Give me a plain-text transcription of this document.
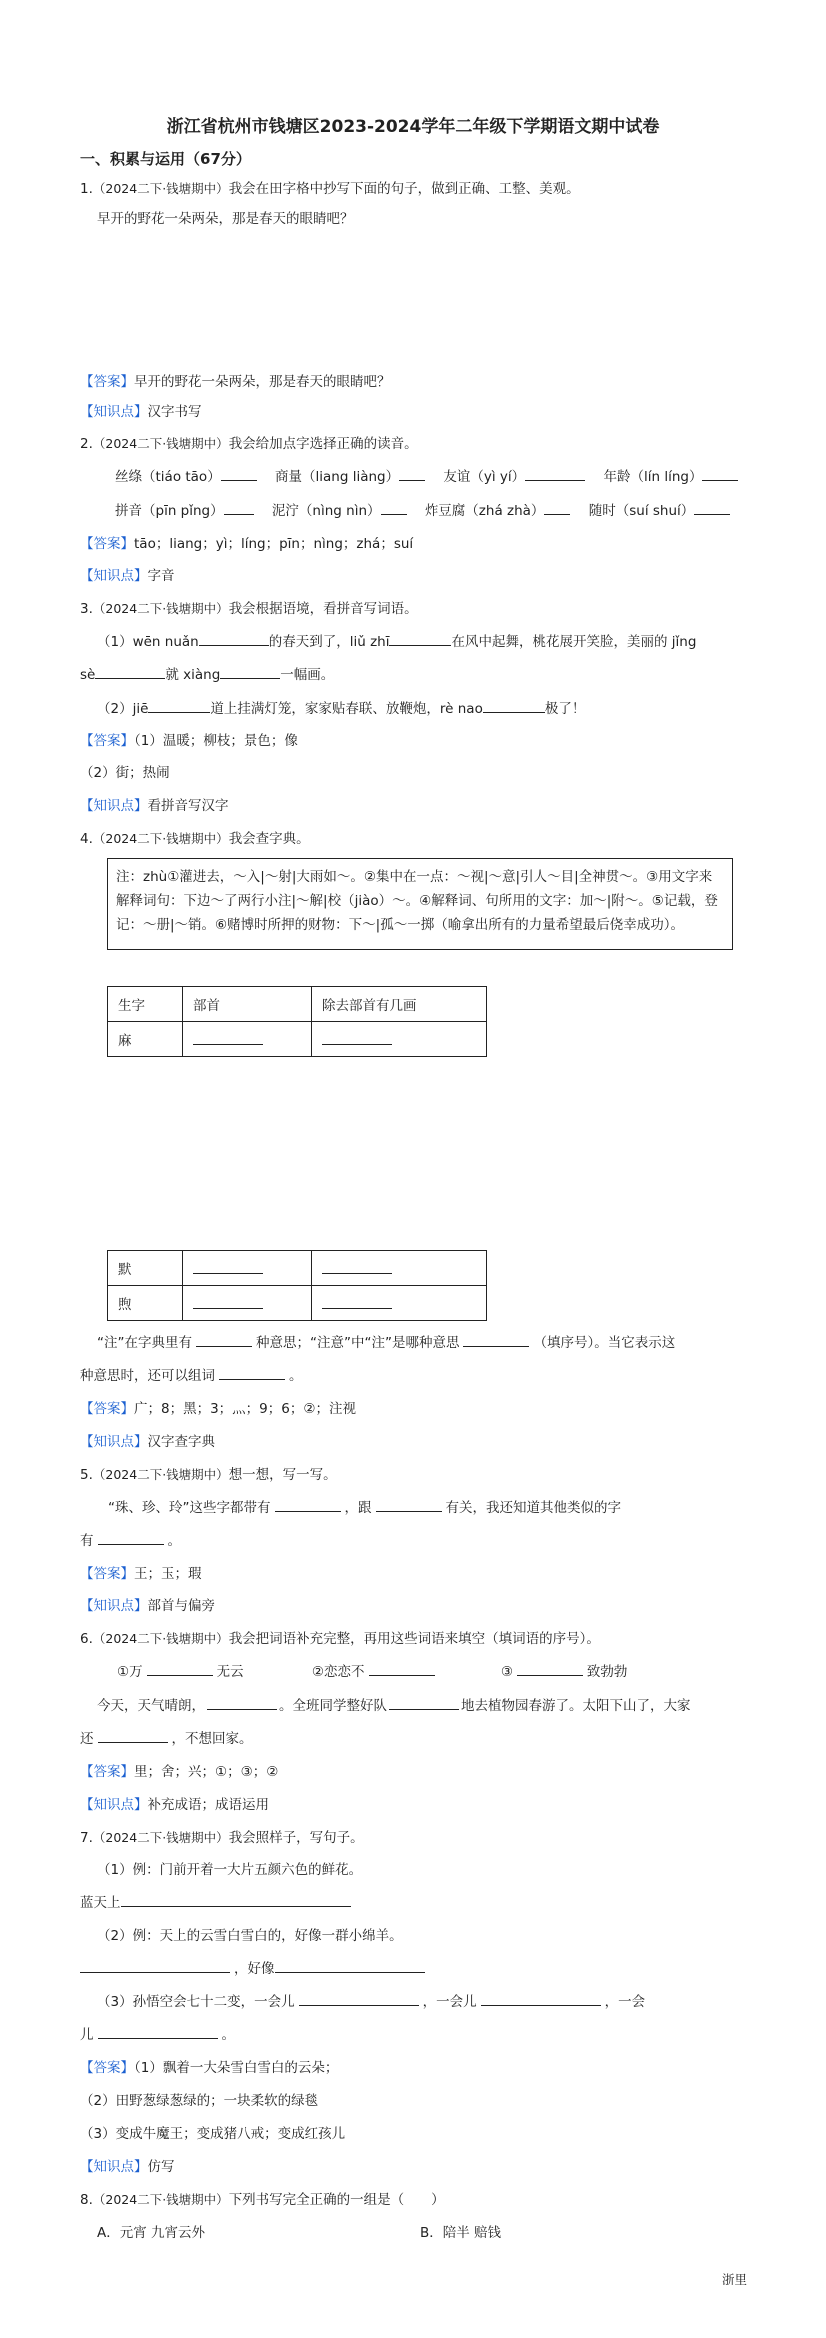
浙江省杭州市钱塘区2023-2024学年二年级下学期语文期中试卷
一、积累与运用（67分）
1.（2024二下·钱塘期中）我会在田字格中抄写下面的句子，做到正确、工整、美观。
早开的野花一朵两朵，那是春天的眼睛吧？
【答案】早开的野花一朵两朵，那是春天的眼睛吧？
【知识点】汉字书写
2.（2024二下·钱塘期中）我会给加点字选择正确的读音。
丝绦（tiáo tāo）	商量（liang liàng）	友谊（yì yí）	年龄（lín líng）
拼音（pīn pǐng）	泥泞（nìng nìn）	炸豆腐（zhá zhà）	随时（suí shuí）
【答案】tāo；liang；yì；líng；pīn；nìng；zhá；suí
【知识点】字音
3.（2024二下·钱塘期中）我会根据语境，看拼音写词语。
（1）wēn nuǎn	的春天到了，liǔ zhī	在风中起舞，桃花展开笑脸，美丽的 jǐng
sè	就 xiàng	一幅画。
（2）jiē	道上挂满灯笼，家家贴春联、放鞭炮，rè nao	极了！
【答案】（1）温暖；柳枝；景色；像
（2）街；热闹
【知识点】看拼音写汉字
4.（2024二下·钱塘期中）我会查字典。
注：zhù①灌进去，～入|～射|大雨如～。②集中在一点：～视|～意|引人～目|全神贯～。③用文字来解释词句：下边～了两行小注|～解|校（jiào）～。④解释词、句所用的文字：加～|附～。⑤记载，登记：～册|～销。⑥赌博时所押的财物：下～|孤～一掷（喻拿出所有的力量希望最后侥幸成功）。
生字	部首	除去部首有几画
麻		
默		
煦		
“注”在字典里有	种意思；“注意”中“注”是哪种意思	（填序号）。当它表示这
种意思时，还可以组词	。
【答案】广；8；黑；3；灬；9；6；②；注视
【知识点】汉字查字典
5.（2024二下·钱塘期中）想一想，写一写。
“珠、珍、玲”这些字都带有	，跟	有关，我还知道其他类似的字
有	。
【答案】王；玉；瑕
【知识点】部首与偏旁
6.（2024二下·钱塘期中）我会把词语补充完整，再用这些词语来填空（填词语的序号）。
①万	无云	②恋恋不	③	致勃勃
今天，天气晴朗，	。全班同学整好队	地去植物园春游了。太阳下山了，大家
还	，不想回家。
【答案】里；舍；兴；①；③；②
【知识点】补充成语；成语运用
7.（2024二下·钱塘期中）我会照样子，写句子。
（1）例：门前开着一大片五颜六色的鲜花。
蓝天上
（2）例：天上的云雪白雪白的，好像一群小绵羊。
，好像
（3）孙悟空会七十二变，一会儿	，一会儿	，一会
儿	。
【答案】（1）飘着一大朵雪白雪白的云朵；
（2）田野葱绿葱绿的；一块柔软的绿毯
（3）变成牛魔王；变成猪八戒；变成红孩儿
【知识点】仿写
8.（2024二下·钱塘期中）下列书写完全正确的一组是（　　）
A．元宵 九宵云外	B．陪半 赔钱
浙里
